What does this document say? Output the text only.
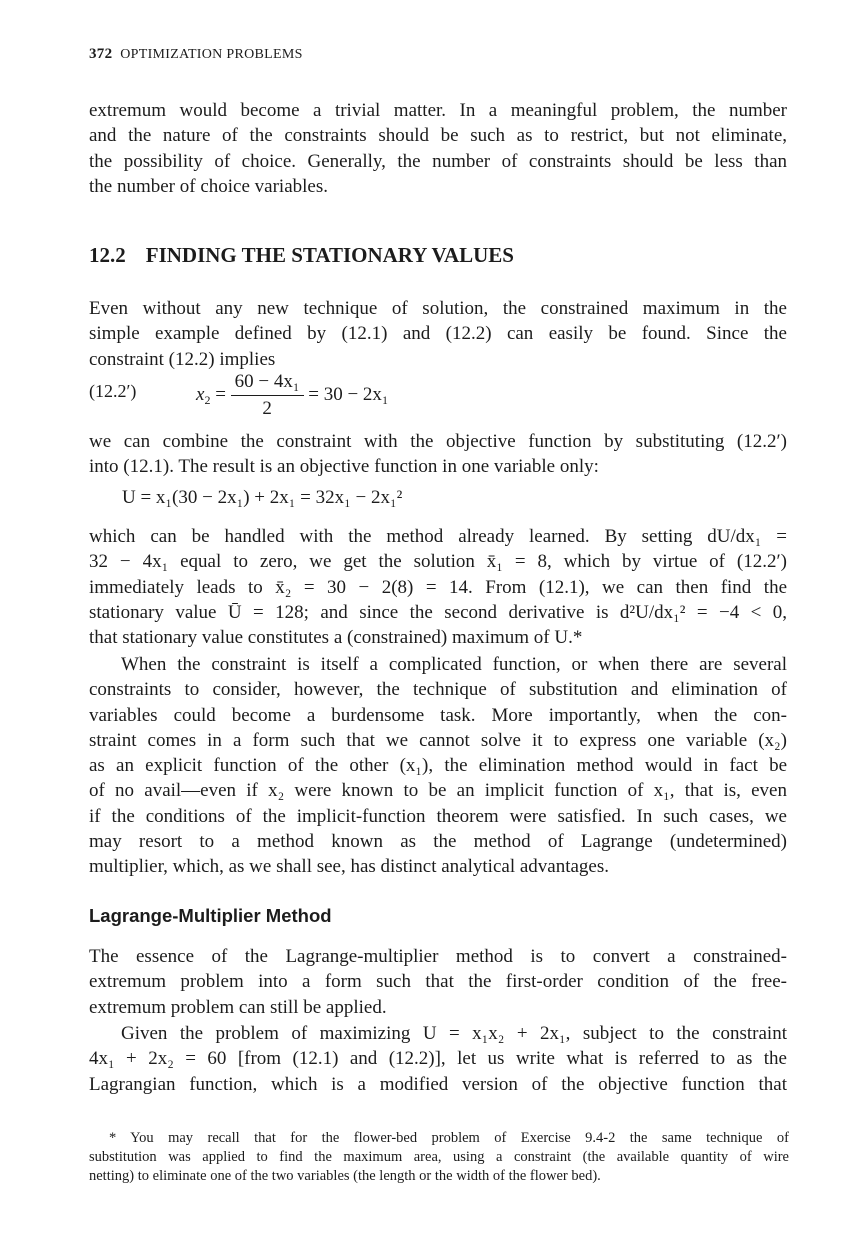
372 OPTIMIZATION PROBLEMS
extremum would become a trivial matter. In a meaningful problem, the number
and the nature of the constraints should be such as to restrict, but not eliminate,
the possibility of choice. Generally, the number of constraints should be less than
the number of choice variables.
12.2 FINDING THE STATIONARY VALUES
Even without any new technique of solution, the constrained maximum in the
simple example defined by (12.1) and (12.2) can easily be found. Since the
constraint (12.2) implies
(12.2′)	$x_2 = \frac{\text{60 − 4x₁}}{2} = 30 - 2x_1$
we can combine the constraint with the objective function by substituting (12.2′)
into (12.1). The result is an objective function in one variable only:
U = x₁(30 − 2x₁) + 2x₁ = 32x₁ − 2x₁²
which can be handled with the method already learned. By setting dU/dx₁ =
32 − 4x₁ equal to zero, we get the solution x̄₁ = 8, which by virtue of (12.2′)
immediately leads to x̄₂ = 30 − 2(8) = 14. From (12.1), we can then find the
stationary value Ū = 128; and since the second derivative is d²U/dx₁² = −4 < 0,
that stationary value constitutes a (constrained) maximum of U.*
When the constraint is itself a complicated function, or when there are several
constraints to consider, however, the technique of substitution and elimination of
variables could become a burdensome task. More importantly, when the con-
straint comes in a form such that we cannot solve it to express one variable (x₂)
as an explicit function of the other (x₁), the elimination method would in fact be
of no avail—even if x₂ were known to be an implicit function of x₁, that is, even
if the conditions of the implicit-function theorem were satisfied. In such cases, we
may resort to a method known as the method of Lagrange (undetermined)
multiplier, which, as we shall see, has distinct analytical advantages.
Lagrange-Multiplier Method
The essence of the Lagrange-multiplier method is to convert a constrained-
extremum problem into a form such that the first-order condition of the free-
extremum problem can still be applied.
Given the problem of maximizing U = x₁x₂ + 2x₁, subject to the constraint
4x₁ + 2x₂ = 60 [from (12.1) and (12.2)], let us write what is referred to as the
Lagrangian function, which is a modified version of the objective function that
* You may recall that for the flower-bed problem of Exercise 9.4-2 the same technique of
substitution was applied to find the maximum area, using a constraint (the available quantity of wire
netting) to eliminate one of the two variables (the length or the width of the flower bed).
